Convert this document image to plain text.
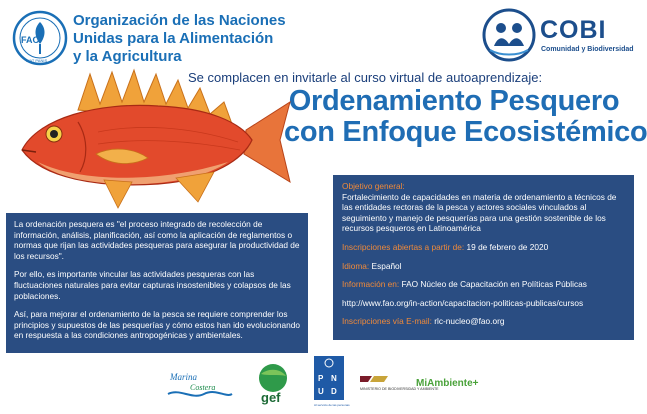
FAO
FIAT PANIS
Organización de las Naciones
Unidas para la Alimentación
y la Agricultura
COBI
Comunidad y Biodiversidad
Se complacen en invitarle al curso virtual de autoaprendizaje:
Ordenamiento Pesquero
con Enfoque Ecosistémico

La ordenación pesquera es "el proceso integrado de recolección de información, análisis, planificación, así como la aplicación de reglamentos o normas que rijan las actividades pesqueras para asegurar la productividad de los recursos".

Por ello, es importante vincular las actividades pesqueras con las fluctuaciones naturales para evitar capturas insostenibles y colapsos de las poblaciones.

Así, para mejorar el ordenamiento de la pesca se requiere comprender los principios y supuestos de las pesquerías y cómo estos han ido evolucionando en respuesta a las condiciones antropogénicas y ambientales.

Objetivo general:
Fortalecimiento de capacidades en materia de ordenamiento a técnicos de las entidades rectoras de la pesca y actores sociales vinculados al seguimiento y manejo de pesquerías para una gestión sostenible de los recursos pesqueros en Latinoamérica
Inscripciones abiertas a partir de: 19 de febrero de 2020
Idioma: Español
Información en: FAO Núcleo de Capacitación en Políticas Públicas
http://www.fao.org/in-action/capacitacion-politicas-publicas/cursos
Inscripciones vía E-mail: rlc-nucleo@fao.org
Marina
Costera
gef
P N
U D
Al servicio de las personas
MINISTERIO DE BIODIVERSIDAD Y AMBIENTE
MiAmbiente+
